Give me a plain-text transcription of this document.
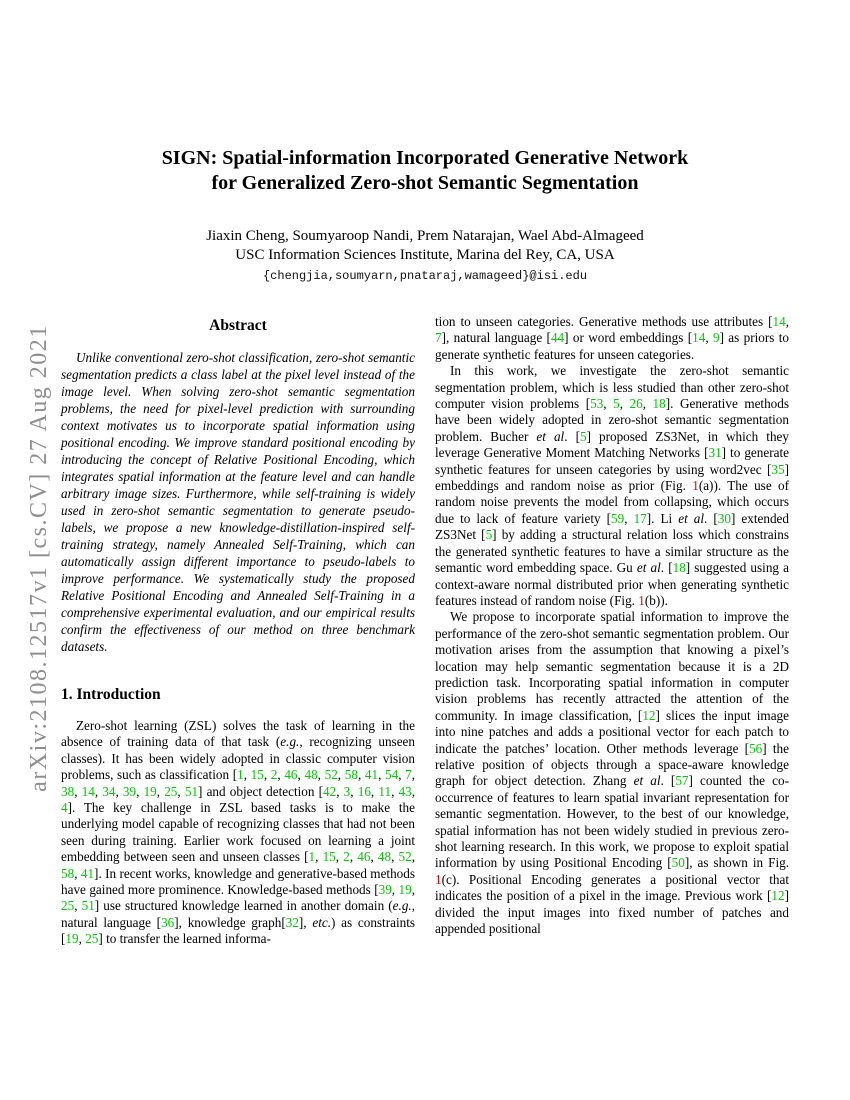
arXiv:2108.12517v1 [cs.CV] 27 Aug 2021
SIGN: Spatial-information Incorporated Generative Network
for Generalized Zero-shot Semantic Segmentation
Jiaxin Cheng, Soumyaroop Nandi, Prem Natarajan, Wael Abd-Almageed
USC Information Sciences Institute, Marina del Rey, CA, USA
{chengjia,soumyarn,pnataraj,wamageed}@isi.edu
Abstract

Unlike conventional zero-shot classification, zero-shot semantic segmentation predicts a class label at the pixel level instead of the image level. When solving zero-shot semantic segmentation problems, the need for pixel-level prediction with surrounding context motivates us to incorporate spatial information using positional encoding. We improve standard positional encoding by introducing the concept of Relative Positional Encoding, which integrates spatial information at the feature level and can handle arbitrary image sizes. Furthermore, while self-training is widely used in zero-shot semantic segmentation to generate pseudo-labels, we propose a new knowledge-distillation-inspired self-training strategy, namely Annealed Self-Training, which can automatically assign different importance to pseudo-labels to improve performance. We systematically study the proposed Relative Positional Encoding and Annealed Self-Training in a comprehensive experimental evaluation, and our empirical results confirm the effectiveness of our method on three benchmark datasets.

1. Introduction

Zero-shot learning (ZSL) solves the task of learning in the absence of training data of that task (e.g., recognizing unseen classes). It has been widely adopted in classic computer vision problems, such as classification [1, 15, 2, 46, 48, 52, 58, 41, 54, 7, 38, 14, 34, 39, 19, 25, 51] and object detection [42, 3, 16, 11, 43, 4]. The key challenge in ZSL based tasks is to make the underlying model capable of recognizing classes that had not been seen during training. Earlier work focused on learning a joint embedding between seen and unseen classes [1, 15, 2, 46, 48, 52, 58, 41]. In recent works, knowledge and generative-based methods have gained more prominence. Knowledge-based methods [39, 19, 25, 51] use structured knowledge learned in another domain (e.g., natural language [36], knowledge graph[32], etc.) as constraints [19, 25] to transfer the learned informa-

tion to unseen categories. Generative methods use attributes [14, 7], natural language [44] or word embeddings [14, 9] as priors to generate synthetic features for unseen categories.

In this work, we investigate the zero-shot semantic segmentation problem, which is less studied than other zero-shot computer vision problems [53, 5, 26, 18]. Generative methods have been widely adopted in zero-shot semantic segmentation problem. Bucher et al. [5] proposed ZS3Net, in which they leverage Generative Moment Matching Networks [31] to generate synthetic features for unseen categories by using word2vec [35] embeddings and random noise as prior (Fig. 1(a)). The use of random noise prevents the model from collapsing, which occurs due to lack of feature variety [59, 17]. Li et al. [30] extended ZS3Net [5] by adding a structural relation loss which constrains the generated synthetic features to have a similar structure as the semantic word embedding space. Gu et al. [18] suggested using a context-aware normal distributed prior when generating synthetic features instead of random noise (Fig. 1(b)).

We propose to incorporate spatial information to improve the performance of the zero-shot semantic segmentation problem. Our motivation arises from the assumption that knowing a pixel’s location may help semantic segmentation because it is a 2D prediction task. Incorporating spatial information in computer vision problems has recently attracted the attention of the community. In image classification, [12] slices the input image into nine patches and adds a positional vector for each patch to indicate the patches’ location. Other methods leverage [56] the relative position of objects through a space-aware knowledge graph for object detection. Zhang et al. [57] counted the co-occurrence of features to learn spatial invariant representation for semantic segmentation. However, to the best of our knowledge, spatial information has not been widely studied in previous zero-shot learning research. In this work, we propose to exploit spatial information by using Positional Encoding [50], as shown in Fig. 1(c). Positional Encoding generates a positional vector that indicates the position of a pixel in the image. Previous work [12] divided the input images into fixed number of patches and appended positional
